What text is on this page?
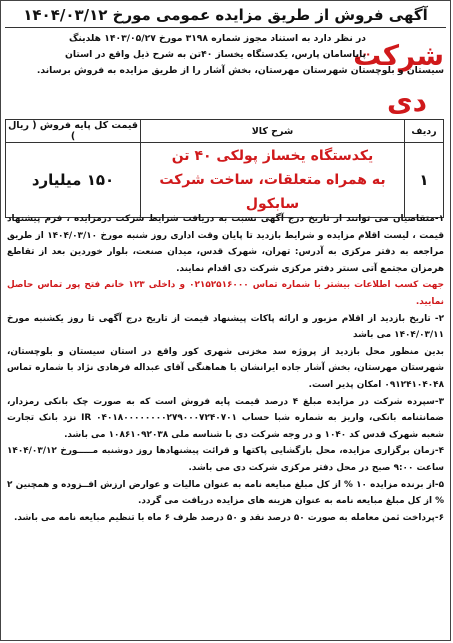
آگهی فروش از طریق مزایده عمومی مورخ ۱۴۰۴/۰۳/۱۲
شرکت دی
در نظر دارد به استناد مجوز شماره ۳۱۹۸ مورخ ۱۴۰۳/۰۵/۲۷ هلدینگ
پایاسامان پارس، یکدستگاه یخساز ۴۰تن به شرح ذیل واقع در استان
سیستان و بلوچستان شهرستان مهرستان، بخش آشار را از طریق مزایده به فروش برساند.
ردیف	شرح کالا	قیمت کل پایه فروش ( ریال )
۱	یکدستگاه یخساز پولکی ۴۰ تن
به همراه متعلقات، ساخت شرکت سابکول	۱۵۰ میلیارد

۱-متقاضیان می توانند از تاریخ درج آگهی نسبت به دریافت شرایط شرکت درمزایده ، فرم پیشنهاد قیمت ، لیست اقلام مزایده و شرایط بازدید تا پایان وقت اداری روز شنبه مورخ ۱۴۰۴/۰۳/۱۰ از طریق مراجعه به دفتر مرکزی به آدرس: تهران، شهرک قدس، میدان صنعت، بلوار خوردین بعد از تقاطع هرمزان مجتمع آتی سنتر دفتر مرکزی شرکت دی اقدام نمایند.

جهت کسب اطلاعات بیشتر با شماره تماس ۰۲۱۵۲۵۱۶۰۰۰ و داخلی ۱۲۳ خانم فتح پور تماس حاصل نمایید.

۲- تاریخ بازدید از اقلام مزبور و ارائه پاکات پیشنهاد قیمت از تاریخ درج آگهی تا روز یکشنبه مورخ ۱۴۰۴/۰۳/۱۱ می باشد

بدین منظور محل بازدید از پروژه سد مخزنی شهری کور واقع در استان سیستان و بلوچستان، شهرستان مهرستان، بخش آشار جاده ایرانشان با هماهنگی آقای عبداله فرهادی نژاد با شماره تماس ۰۹۱۲۴۱۰۴۰۴۸ امکان پذیر است.

۳-سپرده شرکت در مزایده مبلغ ۴ درصد قیمت پایه فروش است که به صورت چک بانکی رمزدار، ضمانتنامه بانکی، واریز به شماره شبا حساب IR ۰۴۰۱۸۰۰۰۰۰۰۰۰۲۷۹۰۰۰۷۲۴۰۷۰۱ نزد بانک تجارت شعبه شهرک قدس کد ۱۰۴۰ و در وجه شرکت دی با شناسه ملی ۱۰۸۶۱۰۹۲۰۳۸ می باشد.

۴-زمان برگزاری مزایده، محل بازگشایی پاکتها و قرائت پیشنهادها روز دوشنبه مـــــورخ ۱۴۰۴/۰۳/۱۲ ساعت ۹:۰۰ صبح در محل دفتر مرکزی شرکت دی می باشد.

۵-از برنده مزایده ۱۰ % از کل مبلغ مبایعه نامه به عنوان مالیات و عوارض ارزش افــزوده و همچنین ۲ % از کل مبلغ مبایعه نامه به عنوان هزینه های مزایده دریافت می گردد.

۶-پرداخت ثمن معامله به صورت ۵۰ درصد نقد و ۵۰ درصد ظرف ۶ ماه با تنظیم مبایعه نامه می باشد.
